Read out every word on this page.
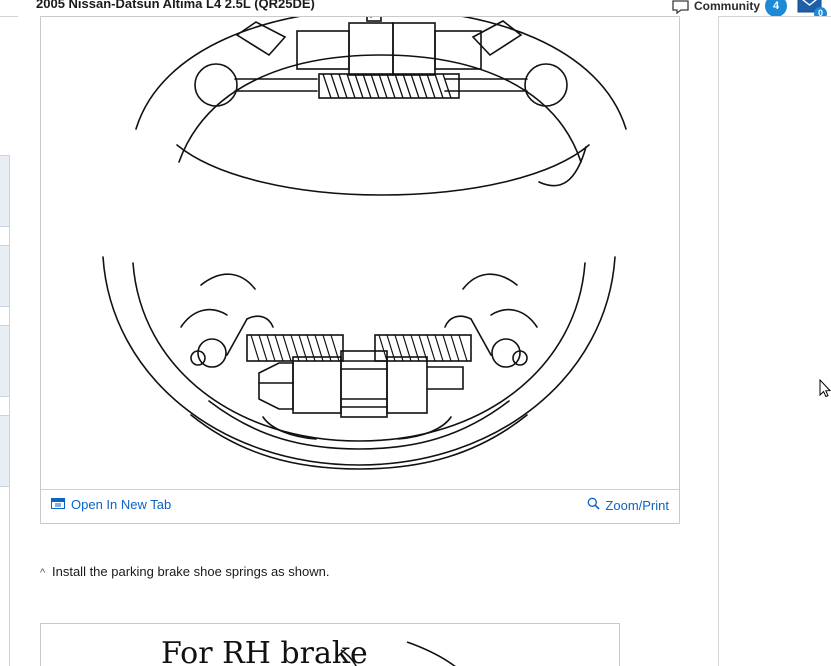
2005 Nissan-Datsun Altima L4 2.5L (QR25DE)	Community	4
0
Open In New Tab	Zoom/Print
^ Install the parking brake shoe springs as shown.
For RH brake
